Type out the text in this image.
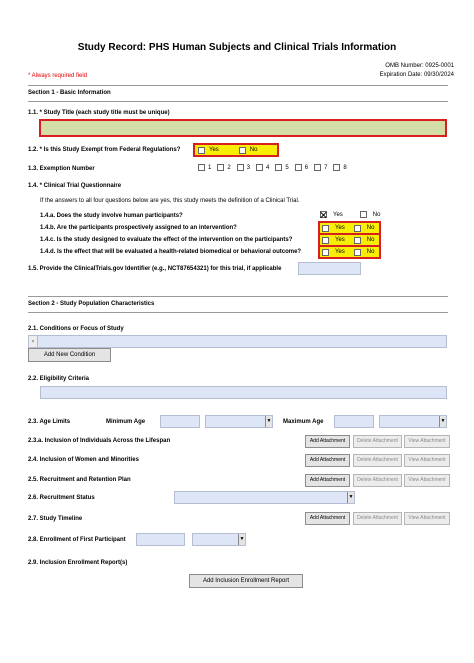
Study Record: PHS Human Subjects and Clinical Trials Information
OMB Number: 0925-0001
Expiration Date: 09/30/2024
* Always required field
Section 1 - Basic Information
1.1. * Study Title (each study title must be unique)
1.2. * Is this Study Exempt from Federal Regulations?	Yes	No
1.3. Exemption Number	1	2	3	4	5	6	7	8
1.4. * Clinical Trial Questionnaire
If the answers to all four questions below are yes, this study meets the definition of a Clinical Trial.
1.4.a. Does the study involve human participants?	Yes	No
1.4.b. Are the participants prospectively assigned to an intervention?	Yes	No
1.4.c. Is the study designed to evaluate the effect of the intervention on the participants?	Yes	No
1.4.d. Is the effect that will be evaluated a health-related biomedical or behavioral outcome?	Yes	No
1.5. Provide the ClinicalTrials.gov Identifier (e.g., NCT87654321) for this trial, if applicable
Section 2 - Study Population Characteristics
2.1. Conditions or Focus of Study
×
Add New Condition
2.2. Eligibility Criteria
2.3. Age Limits	Minimum Age	▼ Maximum Age	▼
2.3.a. Inclusion of Individuals Across the Lifespan	Add Attachment	Delete Attachment	View Attachment
2.4. Inclusion of Women and Minorities	Add Attachment	Delete Attachment	View Attachment
2.5. Recruitment and Retention Plan	Add Attachment	Delete Attachment	View Attachment
2.6. Recruitment Status	▼
2.7. Study Timeline	Add Attachment	Delete Attachment	View Attachment
2.8. Enrollment of First Participant	▼
2.9. Inclusion Enrollment Report(s)
Add Inclusion Enrollment Report
